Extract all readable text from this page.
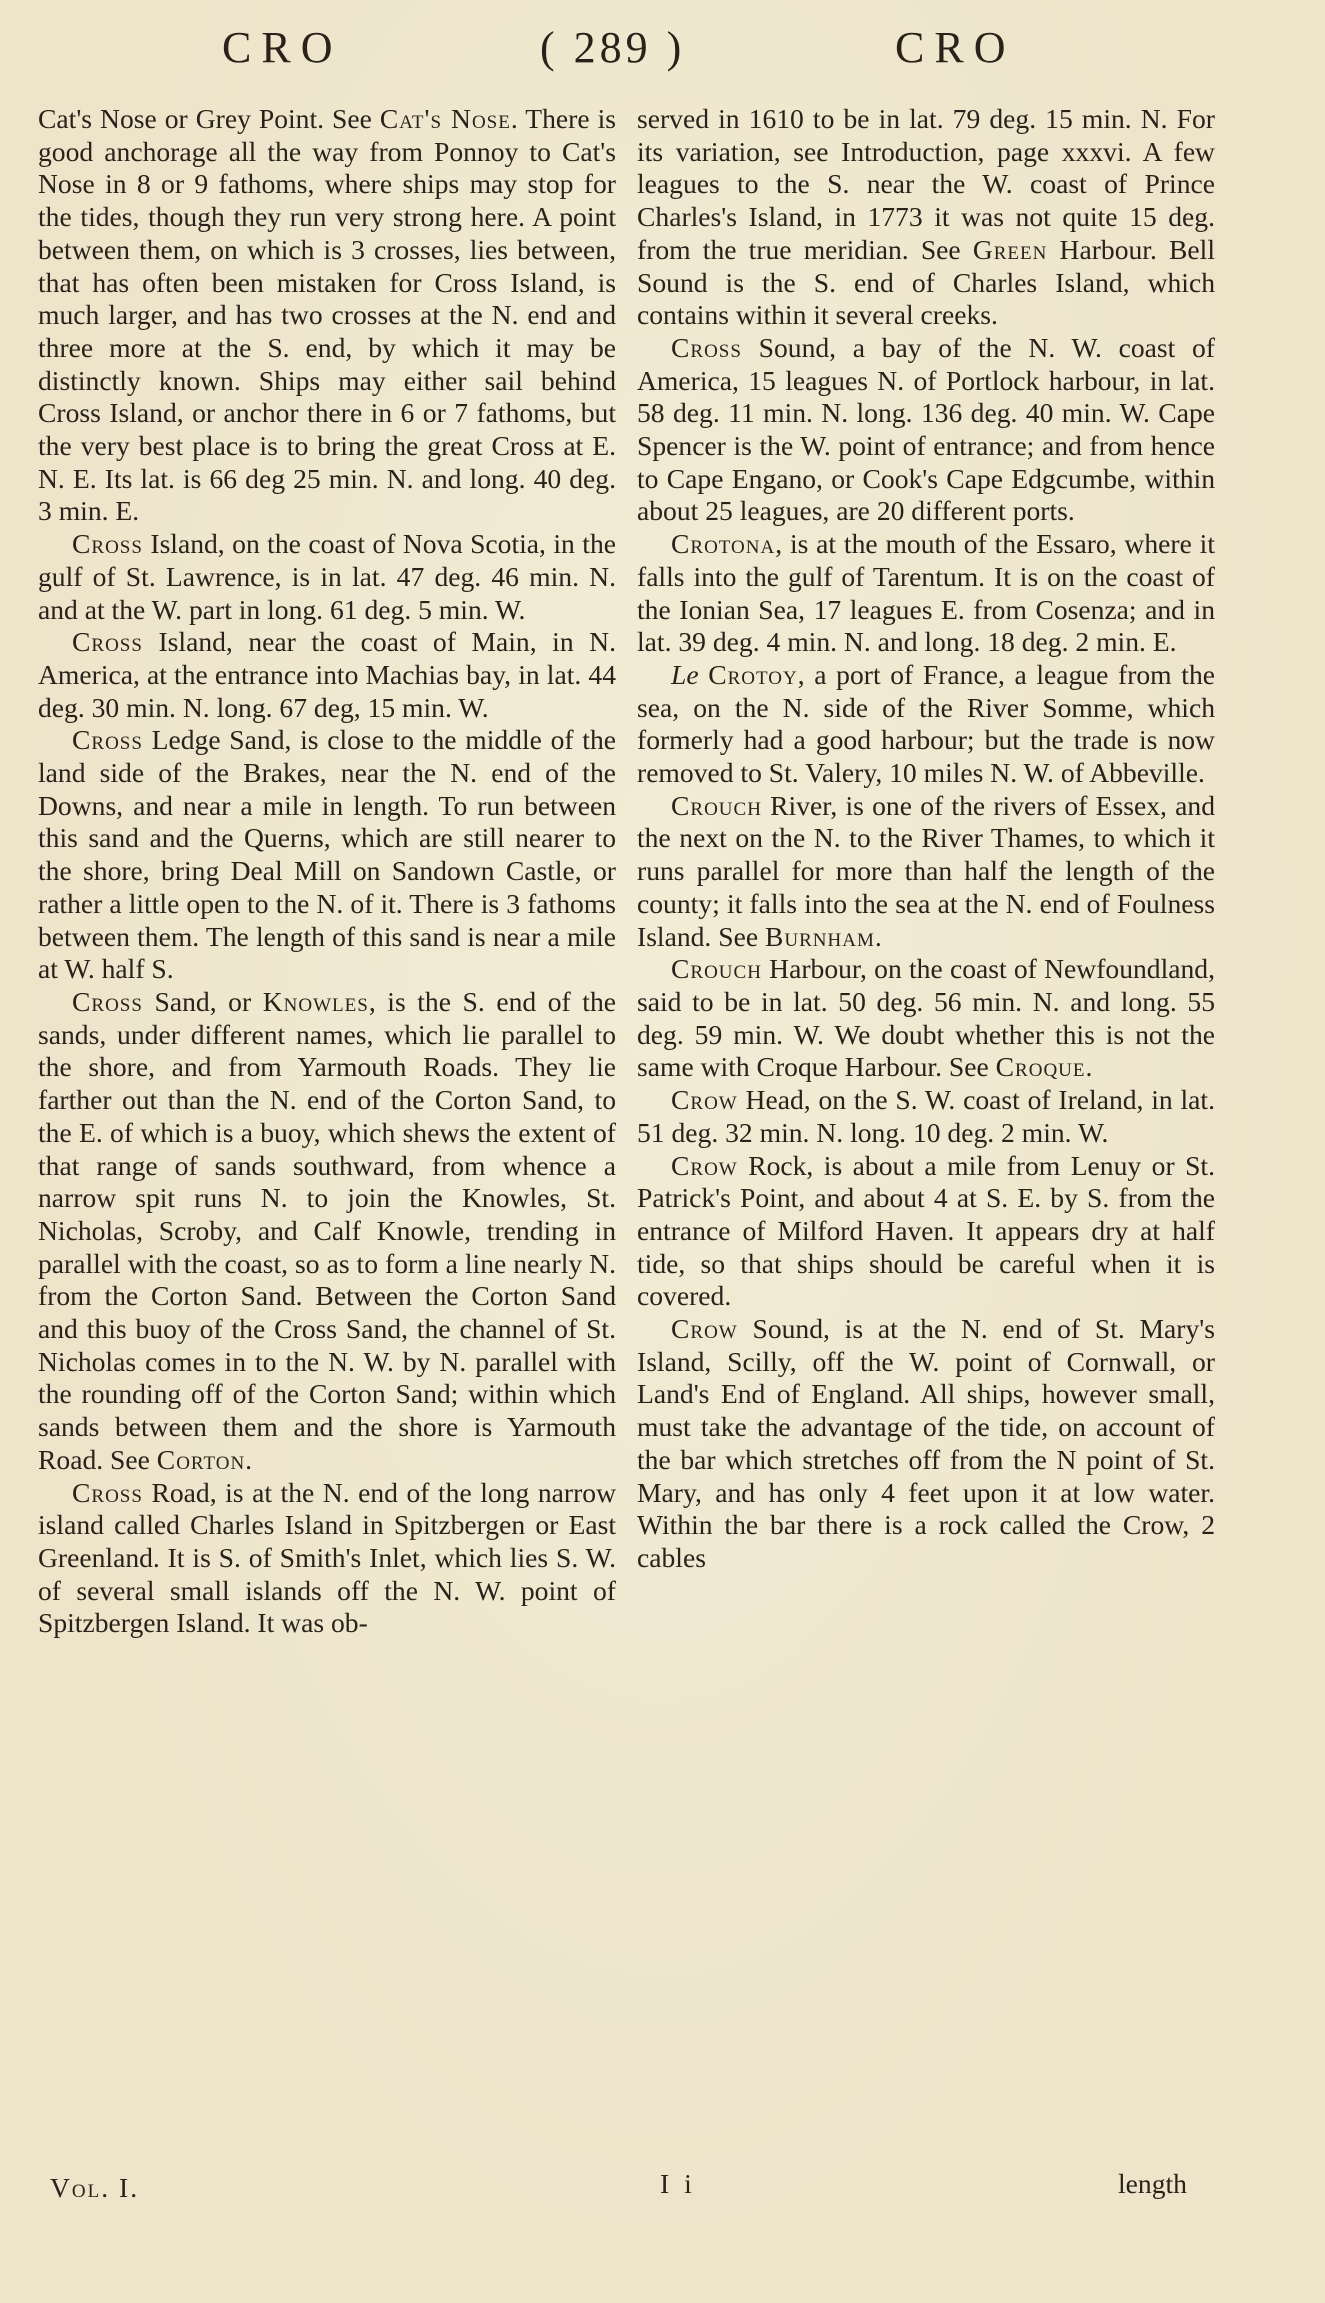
CRO	( 289 )	CRO

Cat's Nose or Grey Point. See Cat's Nose. There is good anchorage all the way from Ponnoy to Cat's Nose in 8 or 9 fathoms, where ships may stop for the tides, though they run very strong here. A point between them, on which is 3 crosses, lies between, that has often been mistaken for Cross Island, is much larger, and has two crosses at the N. end and three more at the S. end, by which it may be distinctly known. Ships may either sail behind Cross Island, or anchor there in 6 or 7 fathoms, but the very best place is to bring the great Cross at E. N. E. Its lat. is 66 deg 25 min. N. and long. 40 deg. 3 min. E.

Cross Island, on the coast of Nova Scotia, in the gulf of St. Lawrence, is in lat. 47 deg. 46 min. N. and at the W. part in long. 61 deg. 5 min. W.

Cross Island, near the coast of Main, in N. America, at the entrance into Machias bay, in lat. 44 deg. 30 min. N. long. 67 deg, 15 min. W.

Cross Ledge Sand, is close to the middle of the land side of the Brakes, near the N. end of the Downs, and near a mile in length. To run between this sand and the Querns, which are still nearer to the shore, bring Deal Mill on Sandown Castle, or rather a little open to the N. of it. There is 3 fathoms between them. The length of this sand is near a mile at W. half S.

Cross Sand, or Knowles, is the S. end of the sands, under different names, which lie parallel to the shore, and from Yarmouth Roads. They lie farther out than the N. end of the Corton Sand, to the E. of which is a buoy, which shews the extent of that range of sands southward, from whence a narrow spit runs N. to join the Knowles, St. Nicholas, Scroby, and Calf Knowle, trending in parallel with the coast, so as to form a line nearly N. from the Corton Sand. Between the Corton Sand and this buoy of the Cross Sand, the channel of St. Nicholas comes in to the N. W. by N. parallel with the rounding off of the Corton Sand; within which sands between them and the shore is Yarmouth Road. See Corton.

Cross Road, is at the N. end of the long narrow island called Charles Island in Spitzbergen or East Greenland. It is S. of Smith's Inlet, which lies S. W. of several small islands off the N. W. point of Spitzbergen Island. It was ob-

served in 1610 to be in lat. 79 deg. 15 min. N. For its variation, see Introduction, page xxxvi. A few leagues to the S. near the W. coast of Prince Charles's Island, in 1773 it was not quite 15 deg. from the true meridian. See Green Harbour. Bell Sound is the S. end of Charles Island, which contains within it several creeks.

Cross Sound, a bay of the N. W. coast of America, 15 leagues N. of Portlock harbour, in lat. 58 deg. 11 min. N. long. 136 deg. 40 min. W. Cape Spencer is the W. point of entrance; and from hence to Cape Engano, or Cook's Cape Edgcumbe, within about 25 leagues, are 20 different ports.

Crotona, is at the mouth of the Essaro, where it falls into the gulf of Tarentum. It is on the coast of the Ionian Sea, 17 leagues E. from Cosenza; and in lat. 39 deg. 4 min. N. and long. 18 deg. 2 min. E.

Le Crotoy, a port of France, a league from the sea, on the N. side of the River Somme, which formerly had a good harbour; but the trade is now removed to St. Valery, 10 miles N. W. of Abbeville.

Crouch River, is one of the rivers of Essex, and the next on the N. to the River Thames, to which it runs parallel for more than half the length of the county; it falls into the sea at the N. end of Foulness Island. See Burnham.

Crouch Harbour, on the coast of Newfoundland, said to be in lat. 50 deg. 56 min. N. and long. 55 deg. 59 min. W. We doubt whether this is not the same with Croque Harbour. See Croque.

Crow Head, on the S. W. coast of Ireland, in lat. 51 deg. 32 min. N. long. 10 deg. 2 min. W.

Crow Rock, is about a mile from Lenuy or St. Patrick's Point, and about 4 at S. E. by S. from the entrance of Milford Haven. It appears dry at half tide, so that ships should be careful when it is covered.

Crow Sound, is at the N. end of St. Mary's Island, Scilly, off the W. point of Cornwall, or Land's End of England. All ships, however small, must take the advantage of the tide, on account of the bar which stretches off from the N point of St. Mary, and has only 4 feet upon it at low water. Within the bar there is a rock called the Crow, 2 cables

Vol. I.	I i	length
